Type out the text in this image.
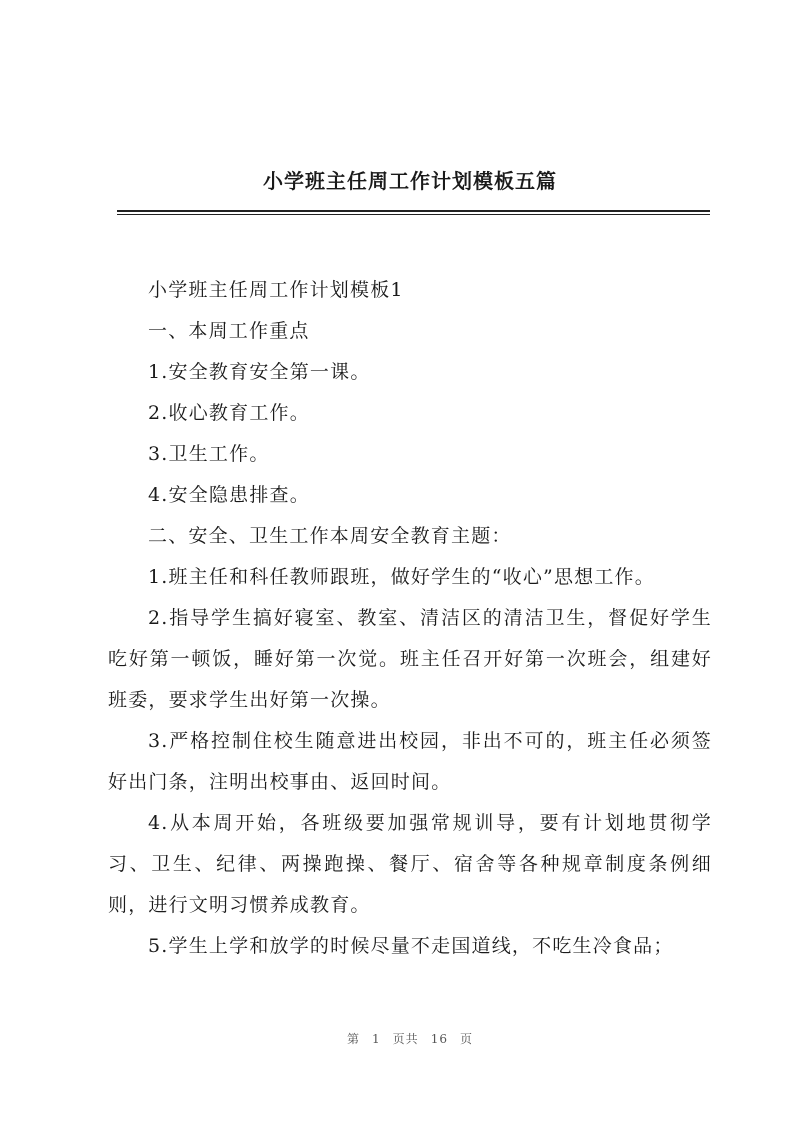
小学班主任周工作计划模板五篇

小学班主任周工作计划模板1

一、本周工作重点

1.安全教育安全第一课。

2.收心教育工作。

3.卫生工作。

4.安全隐患排查。

二、安全、卫生工作本周安全教育主题：

1.班主任和科任教师跟班，做好学生的“收心”思想工作。

2.指导学生搞好寝室、教室、清洁区的清洁卫生，督促好学生吃好第一顿饭，睡好第一次觉。班主任召开好第一次班会，组建好班委，要求学生出好第一次操。

3.严格控制住校生随意进出校园，非出不可的，班主任必须签好出门条，注明出校事由、返回时间。

4.从本周开始，各班级要加强常规训导，要有计划地贯彻学习、卫生、纪律、两操跑操、餐厅、宿舍等各种规章制度条例细则，进行文明习惯养成教育。

5.学生上学和放学的时候尽量不走国道线，不吃生冷食品；

第 1 页共 16 页
